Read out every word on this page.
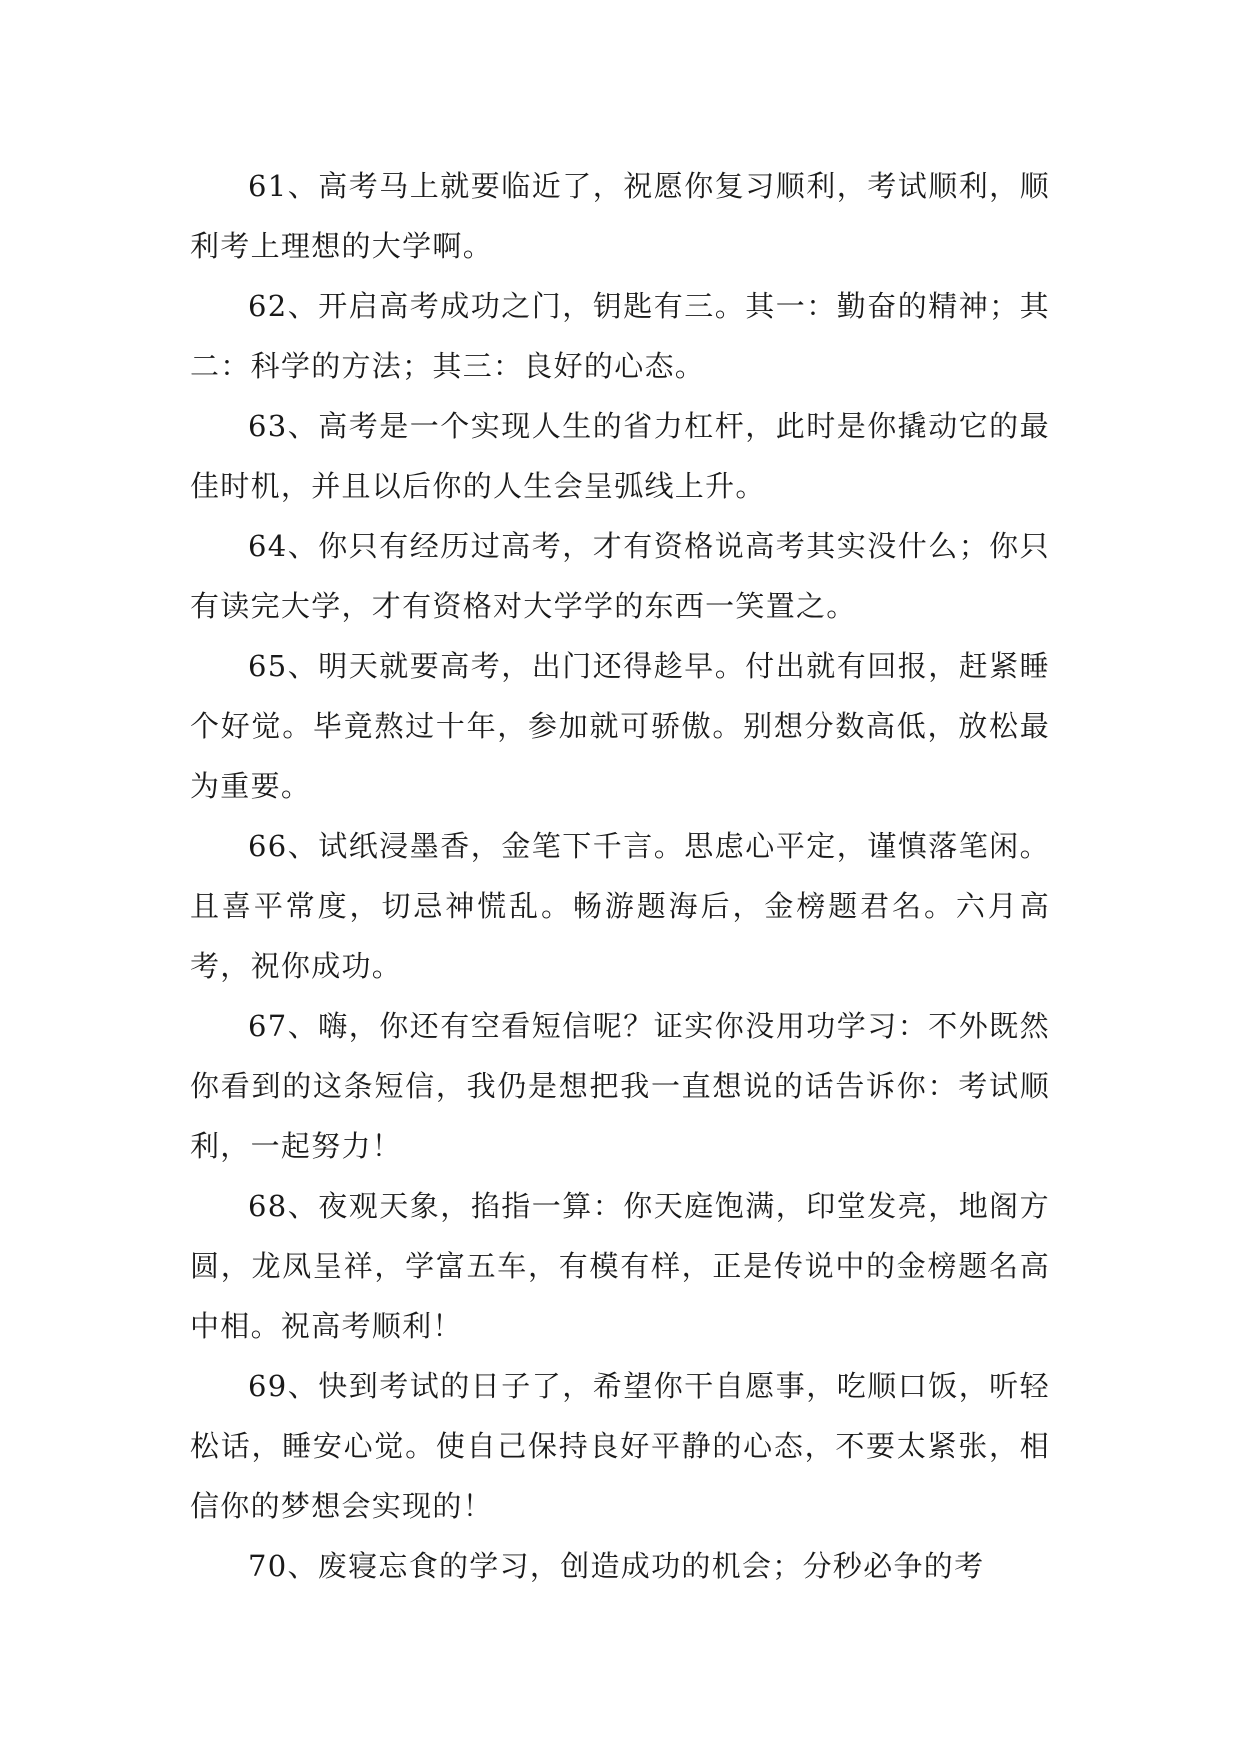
61、高考马上就要临近了，祝愿你复习顺利，考试顺利，顺利考上理想的大学啊。

62、开启高考成功之门，钥匙有三。其一：勤奋的精神；其二：科学的方法；其三：良好的心态。

63、高考是一个实现人生的省力杠杆，此时是你撬动它的最佳时机，并且以后你的人生会呈弧线上升。

64、你只有经历过高考，才有资格说高考其实没什么；你只有读完大学，才有资格对大学学的东西一笑置之。

65、明天就要高考，出门还得趁早。付出就有回报，赶紧睡个好觉。毕竟熬过十年，参加就可骄傲。别想分数高低，放松最为重要。

66、试纸浸墨香，金笔下千言。思虑心平定，谨慎落笔闲。且喜平常度，切忌神慌乱。畅游题海后，金榜题君名。六月高考，祝你成功。

67、嗨，你还有空看短信呢？证实你没用功学习：不外既然你看到的这条短信，我仍是想把我一直想说的话告诉你：考试顺利，一起努力！

68、夜观天象，掐指一算：你天庭饱满，印堂发亮，地阁方圆，龙凤呈祥，学富五车，有模有样，正是传说中的金榜题名高中相。祝高考顺利！

69、快到考试的日子了，希望你干自愿事，吃顺口饭，听轻松话，睡安心觉。使自己保持良好平静的心态，不要太紧张，相信你的梦想会实现的！

70、废寝忘食的学习，创造成功的机会；分秒必争的考
